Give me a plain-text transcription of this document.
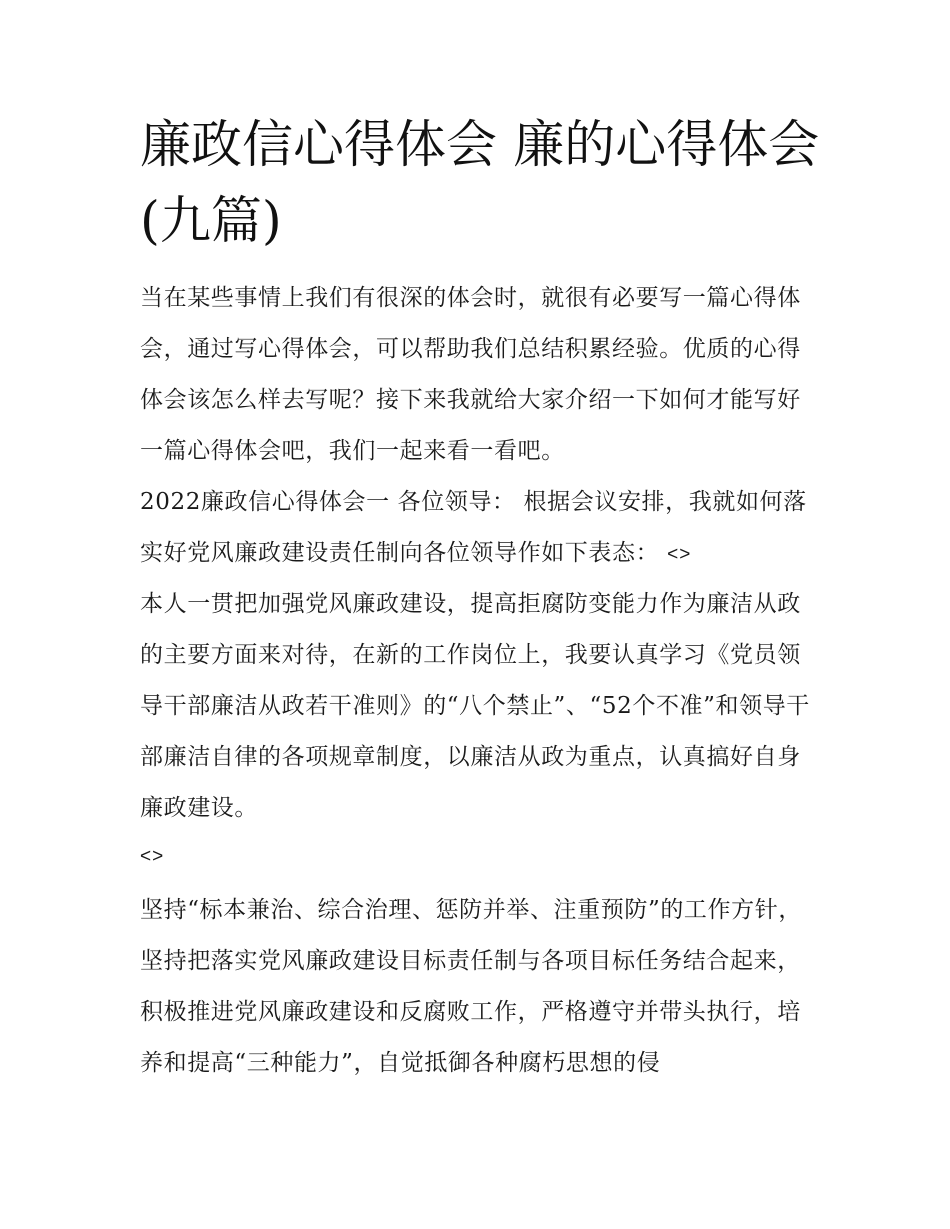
廉政信心得体会 廉的心得体会(九篇)

当在某些事情上我们有很深的体会时，就很有必要写一篇心得体会，通过写心得体会，可以帮助我们总结积累经验。优质的心得体会该怎么样去写呢？接下来我就给大家介绍一下如何才能写好一篇心得体会吧，我们一起来看一看吧。

2022廉政信心得体会一 各位领导： 根据会议安排，我就如何落实好党风廉政建设责任制向各位领导作如下表态： <>

本人一贯把加强党风廉政建设，提高拒腐防变能力作为廉洁从政的主要方面来对待，在新的工作岗位上，我要认真学习《党员领导干部廉洁从政若干准则》的“八个禁止”、“52个不准”和领导干部廉洁自律的各项规章制度，以廉洁从政为重点，认真搞好自身廉政建设。

<>

坚持“标本兼治、综合治理、惩防并举、注重预防”的工作方针，坚持把落实党风廉政建设目标责任制与各项目标任务结合起来，积极推进党风廉政建设和反腐败工作，严格遵守并带头执行，培养和提高“三种能力”，自觉抵御各种腐朽思想的侵
